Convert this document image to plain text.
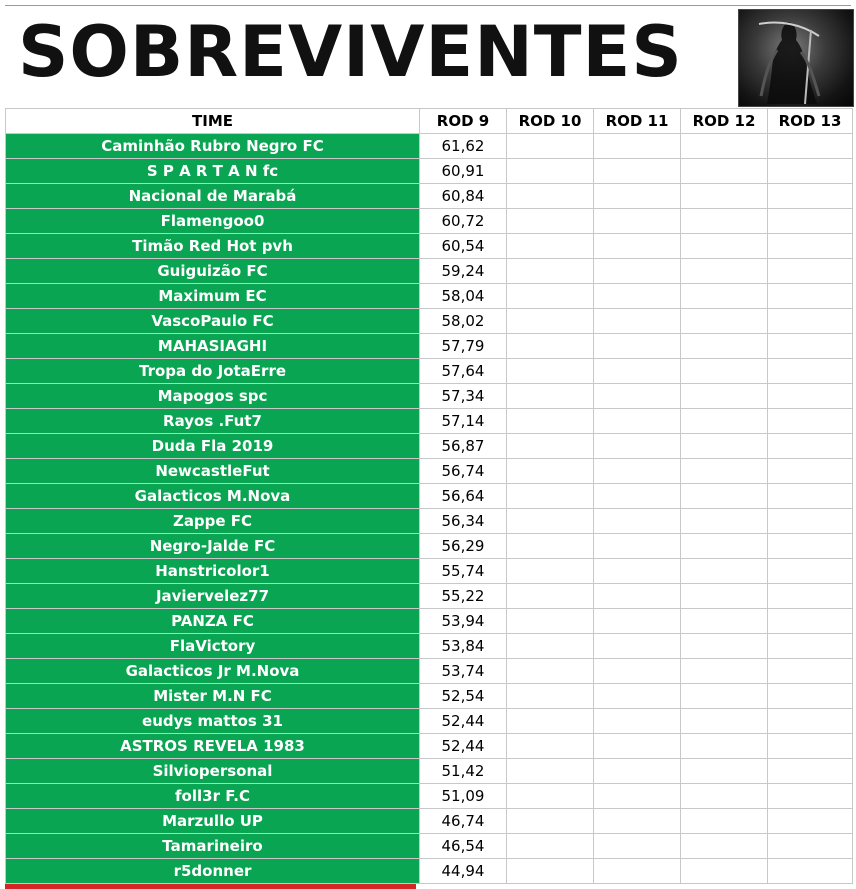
SOBREVIVENTES
TIME	ROD 9	ROD 10	ROD 11	ROD 12	ROD 13
Caminhão Rubro Negro FC	61,62				
S P A R T A N fc	60,91				
Nacional de Marabá	60,84				
Flamengoo0	60,72				
Timão Red Hot pvh	60,54				
Guiguizão FC	59,24				
Maximum EC	58,04				
VascoPaulo FC	58,02				
MAHASIAGHI	57,79				
Tropa do JotaErre	57,64				
Mapogos spc	57,34				
Rayos .Fut7	57,14				
Duda Fla 2019	56,87				
NewcastleFut	56,74				
Galacticos M.Nova	56,64				
Zappe FC	56,34				
Negro-Jalde FC	56,29				
Hanstricolor1	55,74				
Javiervelez77	55,22				
PANZA FC	53,94				
FlaVictory	53,84				
Galacticos Jr M.Nova	53,74				
Mister M.N FC	52,54				
eudys mattos 31	52,44				
ASTROS REVELA 1983	52,44				
Silviopersonal	51,42				
foll3r F.C	51,09				
Marzullo UP	46,74				
Tamarineiro	46,54				
r5donner	44,94				
